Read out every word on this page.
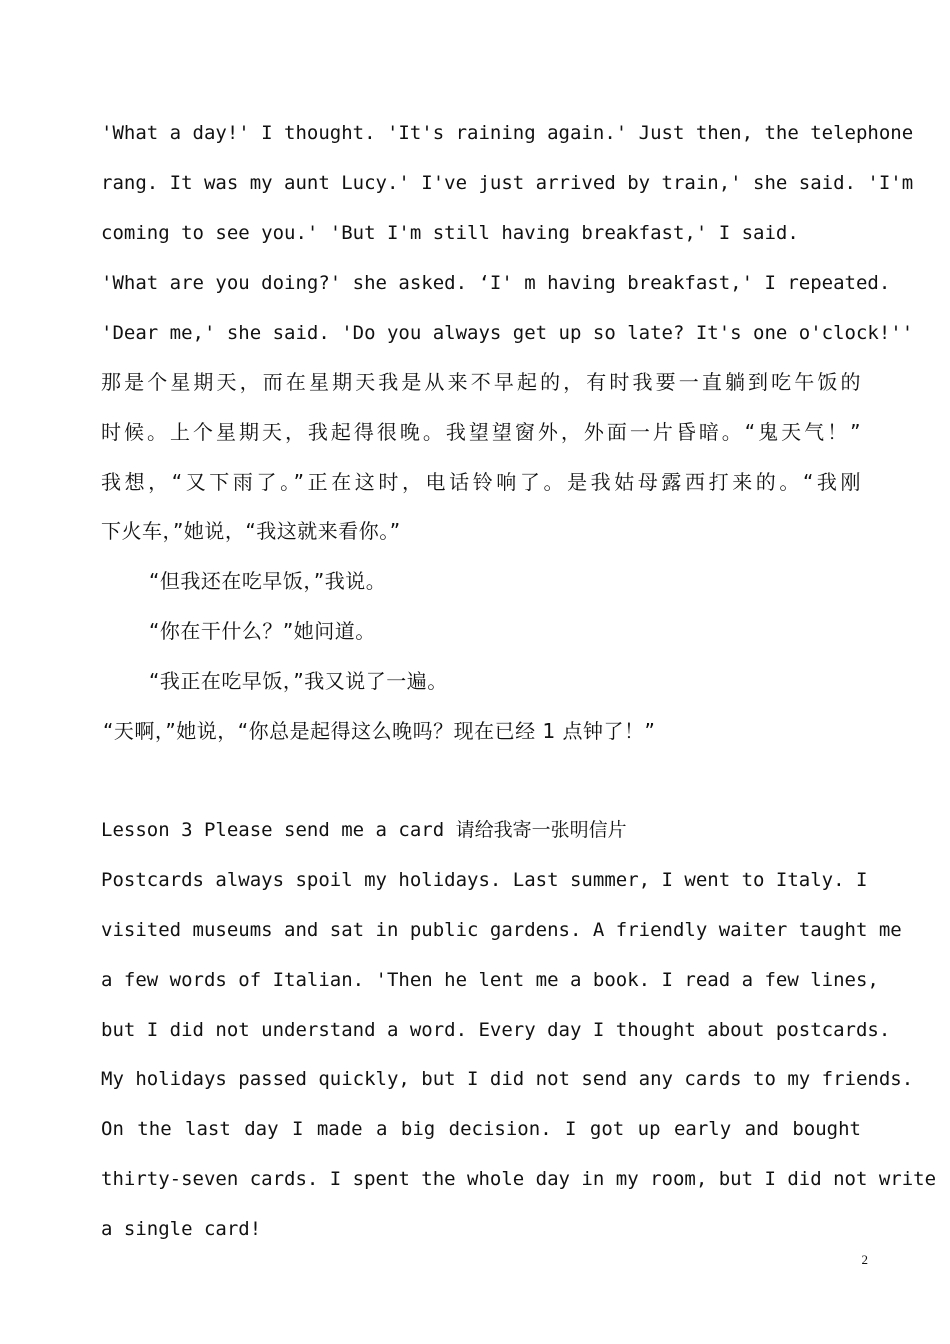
'What a day!' I thought. 'It's raining again.' Just then, the telephone
rang. It was my aunt Lucy.' I've just arrived by train,' she said. 'I'm
coming to see you.' 'But I'm still having breakfast,' I said.
'What are you doing?' she asked. ‘I' m having breakfast,' I repeated.
'Dear me,' she said. 'Do you always get up so late? It's one o'clock!''
那是个星期天，而在星期天我是从来不早起的，有时我要一直躺到吃午饭的
时候。上个星期天，我起得很晚。我望望窗外，外面一片昏暗。“鬼天气！”
我想，“又下雨了。”正在这时，电话铃响了。是我姑母露西打来的。“我刚
下火车，”她说，“我这就来看你。”
“但我还在吃早饭，”我说。
“你在干什么？”她问道。
“我正在吃早饭，”我又说了一遍。
“天啊，”她说，“你总是起得这么晚吗？现在已经 1 点钟了！”
Lesson 3 Please send me a card 请给我寄一张明信片
Postcards always spoil my holidays. Last summer, I went to Italy. I
visited museums and sat in public gardens. A friendly waiter taught me
a few words of Italian. 'Then he lent me a book. I read a few lines,
but I did not understand a word. Every day I thought about postcards.
My holidays passed quickly, but I did not send any cards to my friends.
On the last day I made a big decision. I got up early and bought
thirty-seven cards. I spent the whole day in my room, but I did not write
a single card!
2
